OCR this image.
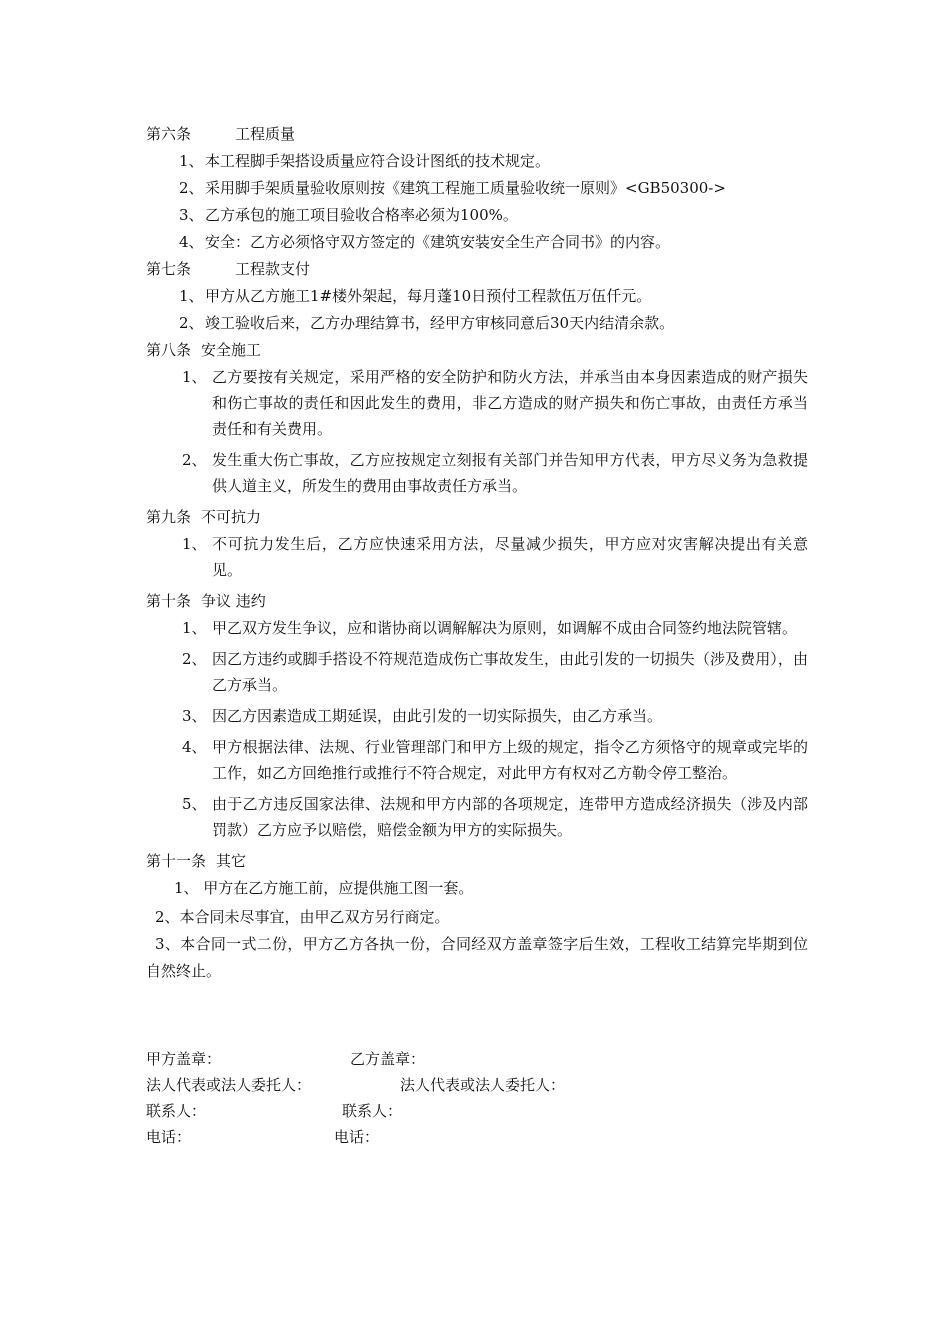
第六条	工程质量
1、 本工程脚手架搭设质量应符合设计图纸的技术规定。
2、 采用脚手架质量验收原则按《建筑工程施工质量验收统一原则》<GB50300->
3、 乙方承包的施工项目验收合格率必须为100%。
4、 安全：乙方必须恪守双方签定的《建筑安装安全生产合同书》的内容。
第七条	工程款支付
1、 甲方从乙方施工1#楼外架起，每月蓬10日预付工程款伍万伍仟元。
2、 竣工验收后来，乙方办理结算书，经甲方审核同意后30天内结清余款。
第八条 安全施工
1、 乙方要按有关规定，采用严格的安全防护和防火方法，并承当由本身因素造成的财产损失和伤亡事故的责任和因此发生的费用，非乙方造成的财产损失和伤亡事故，由责任方承当责任和有关费用。
2、 发生重大伤亡事故，乙方应按规定立刻报有关部门并告知甲方代表，甲方尽义务为急救提供人道主义，所发生的费用由事故责任方承当。
第九条 不可抗力
1、 不可抗力发生后，乙方应快速采用方法，尽量减少损失，甲方应对灾害解决提出有关意见。
第十条 争议 违约
1、 甲乙双方发生争议，应和谐协商以调解解决为原则，如调解不成由合同签约地法院管辖。
2、 因乙方违约或脚手搭设不符规范造成伤亡事故发生，由此引发的一切损失（涉及费用），由乙方承当。
3、 因乙方因素造成工期延误，由此引发的一切实际损失，由乙方承当。
4、 甲方根据法律、法规、行业管理部门和甲方上级的规定，指令乙方须恪守的规章或完毕的工作，如乙方回绝推行或推行不符合规定，对此甲方有权对乙方勒令停工整治。
5、 由于乙方违反国家法律、法规和甲方内部的各项规定，连带甲方造成经济损失（涉及内部罚款）乙方应予以赔偿，赔偿金额为甲方的实际损失。
第十一条 其它
1、 甲方在乙方施工前，应提供施工图一套。
2、本合同未尽事宜，由甲乙双方另行商定。
3、本合同一式二份，甲方乙方各执一份，合同经双方盖章签字后生效，工程收工结算完毕期到位自然终止。
甲方盖章：	乙方盖章：
法人代表或法人委托人：	法人代表或法人委托人：
联系人：	联系人：
电话：	电话：
